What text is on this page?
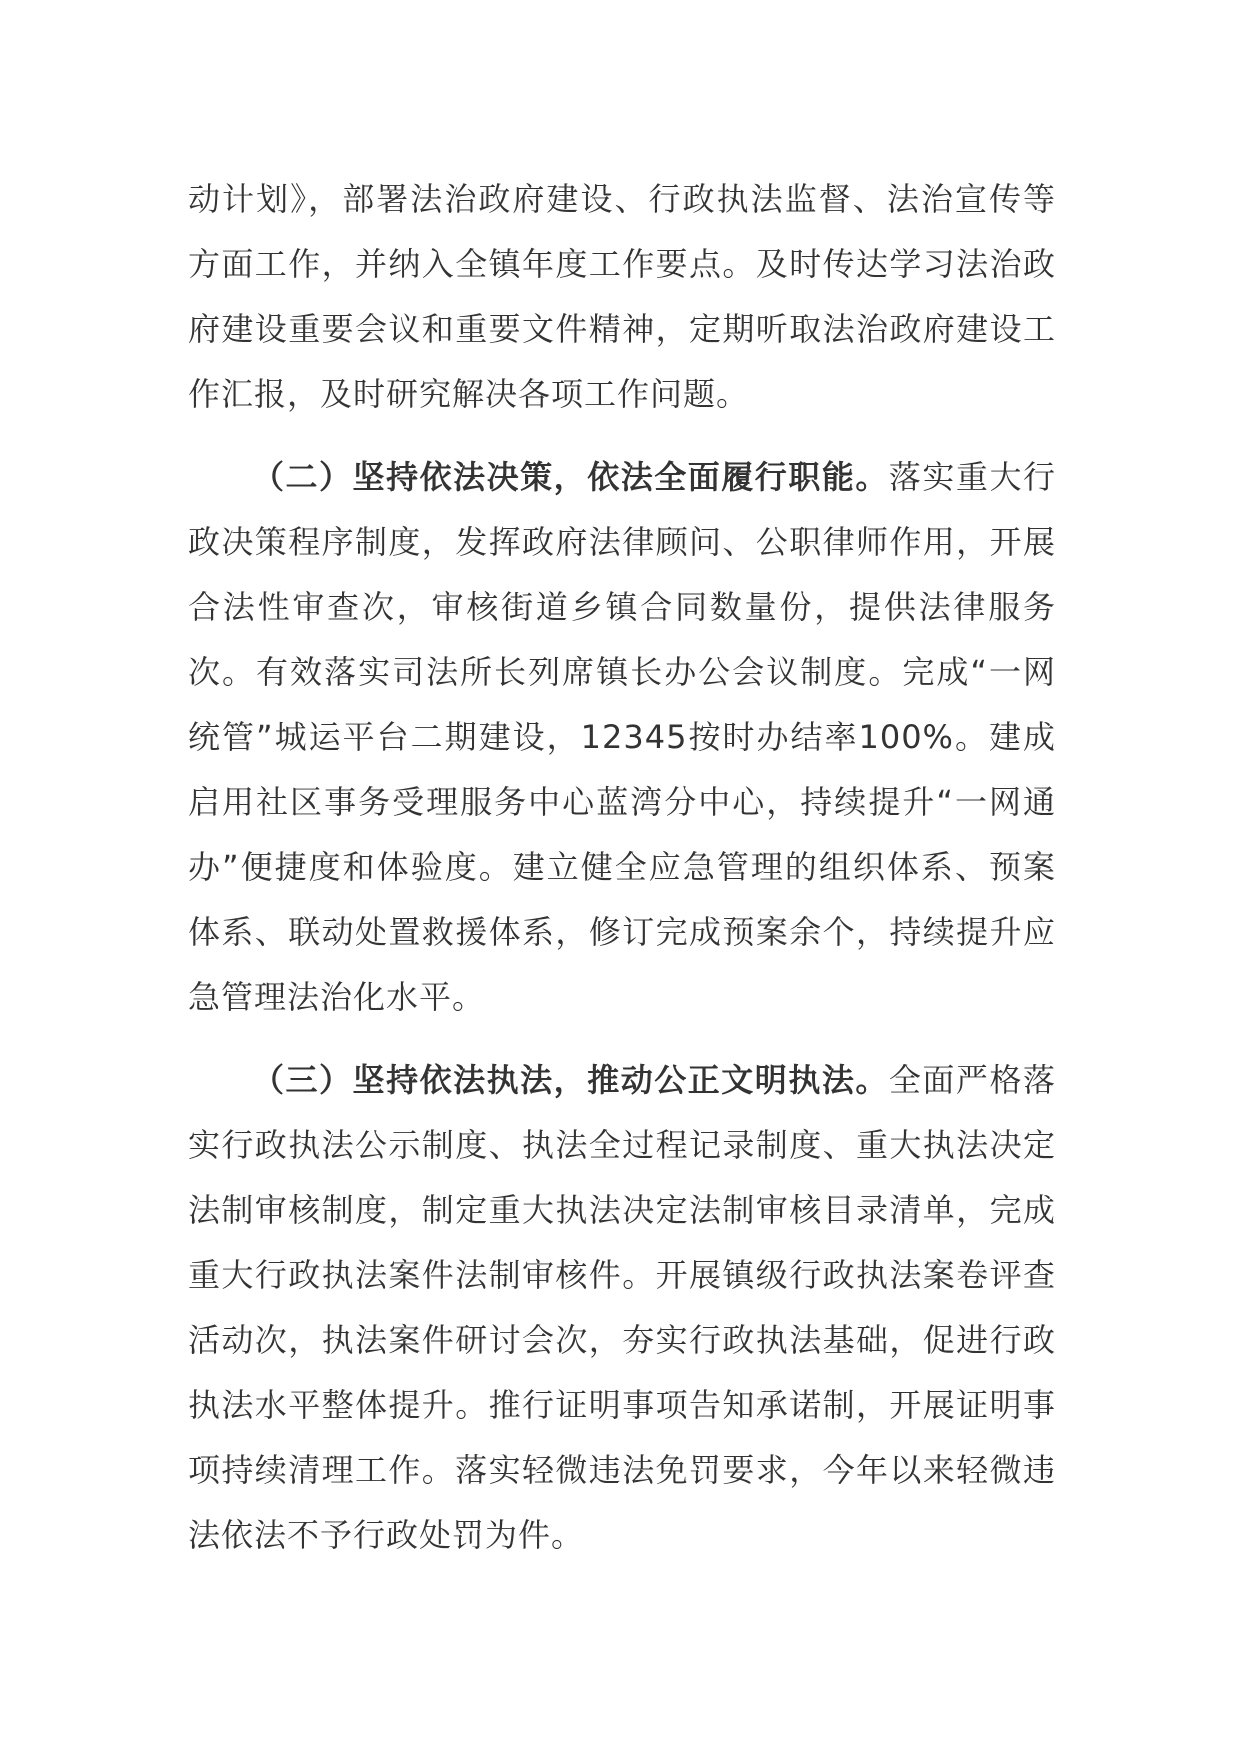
动计划》，部署法治政府建设、行政执法监督、法治宣传等方面工作，并纳入全镇年度工作要点。及时传达学习法治政府建设重要会议和重要文件精神，定期听取法治政府建设工作汇报，及时研究解决各项工作问题。

（二）坚持依法决策，依法全面履行职能。落实重大行政决策程序制度，发挥政府法律顾问、公职律师作用，开展合法性审查次，审核街道乡镇合同数量份，提供法律服务次。有效落实司法所长列席镇长办公会议制度。完成“一网统管”城运平台二期建设，12345按时办结率100%。建成启用社区事务受理服务中心蓝湾分中心，持续提升“一网通办”便捷度和体验度。建立健全应急管理的组织体系、预案体系、联动处置救援体系，修订完成预案余个，持续提升应急管理法治化水平。

（三）坚持依法执法，推动公正文明执法。全面严格落实行政执法公示制度、执法全过程记录制度、重大执法决定法制审核制度，制定重大执法决定法制审核目录清单，完成重大行政执法案件法制审核件。开展镇级行政执法案卷评查活动次，执法案件研讨会次，夯实行政执法基础，促进行政执法水平整体提升。推行证明事项告知承诺制，开展证明事项持续清理工作。落实轻微违法免罚要求，今年以来轻微违法依法不予行政处罚为件。
